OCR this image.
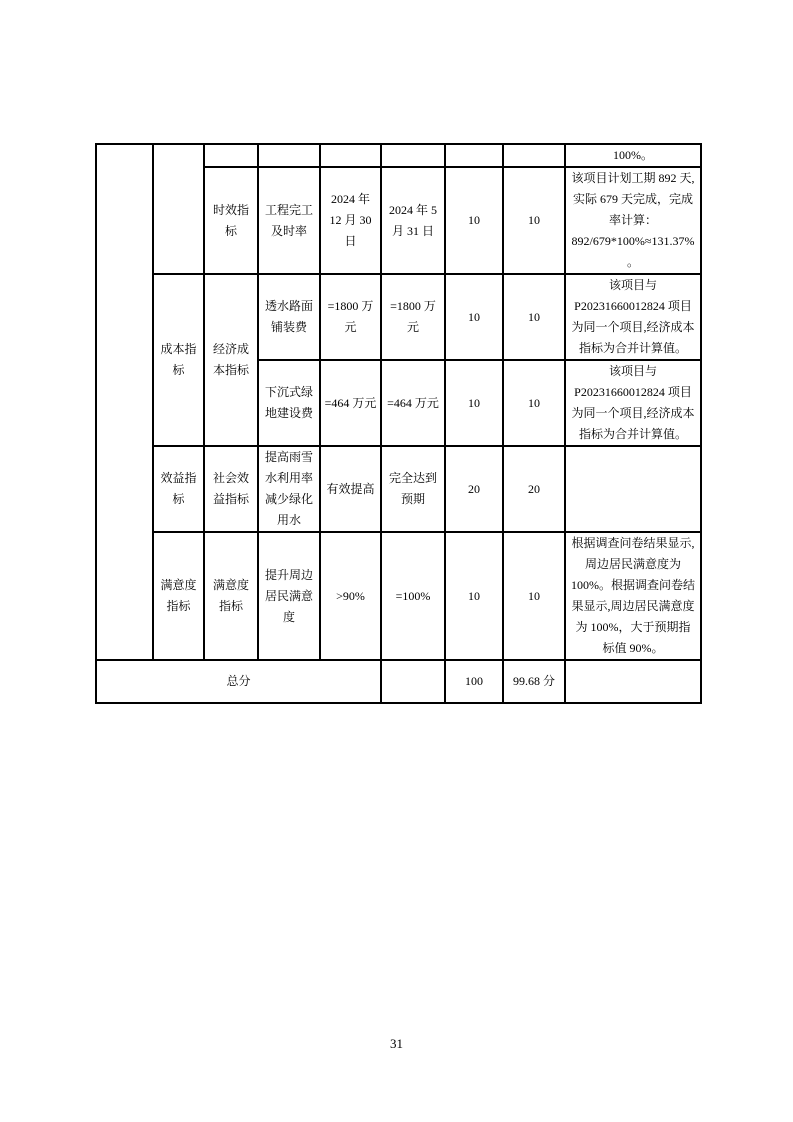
								100%。
		时效指标	工程完工及时率	2024 年 12 月 30 日	2024 年 5 月 31 日	10	10	该项目计划工期 892 天,实际 679 天完成，完成率计算：892/679*100%≈131.37%。
	成本指标	经济成本指标	透水路面铺装费	=1800 万元	=1800 万元	10	10	该项目与 P20231660012824 项目为同一个项目,经济成本指标为合并计算值。
			下沉式绿地建设费	=464 万元	=464 万元	10	10	该项目与 P20231660012824 项目为同一个项目,经济成本指标为合并计算值。
	效益指标	社会效益指标	提高雨雪水利用率减少绿化用水	有效提高	完全达到预期	20	20	
	满意度指标	满意度指标	提升周边居民满意度	>90%	=100%	10	10	根据调查问卷结果显示,周边居民满意度为 100%。根据调查问卷结果显示,周边居民满意度为 100%，大于预期指标值 90%。
总分						100	99.68 分	
31
